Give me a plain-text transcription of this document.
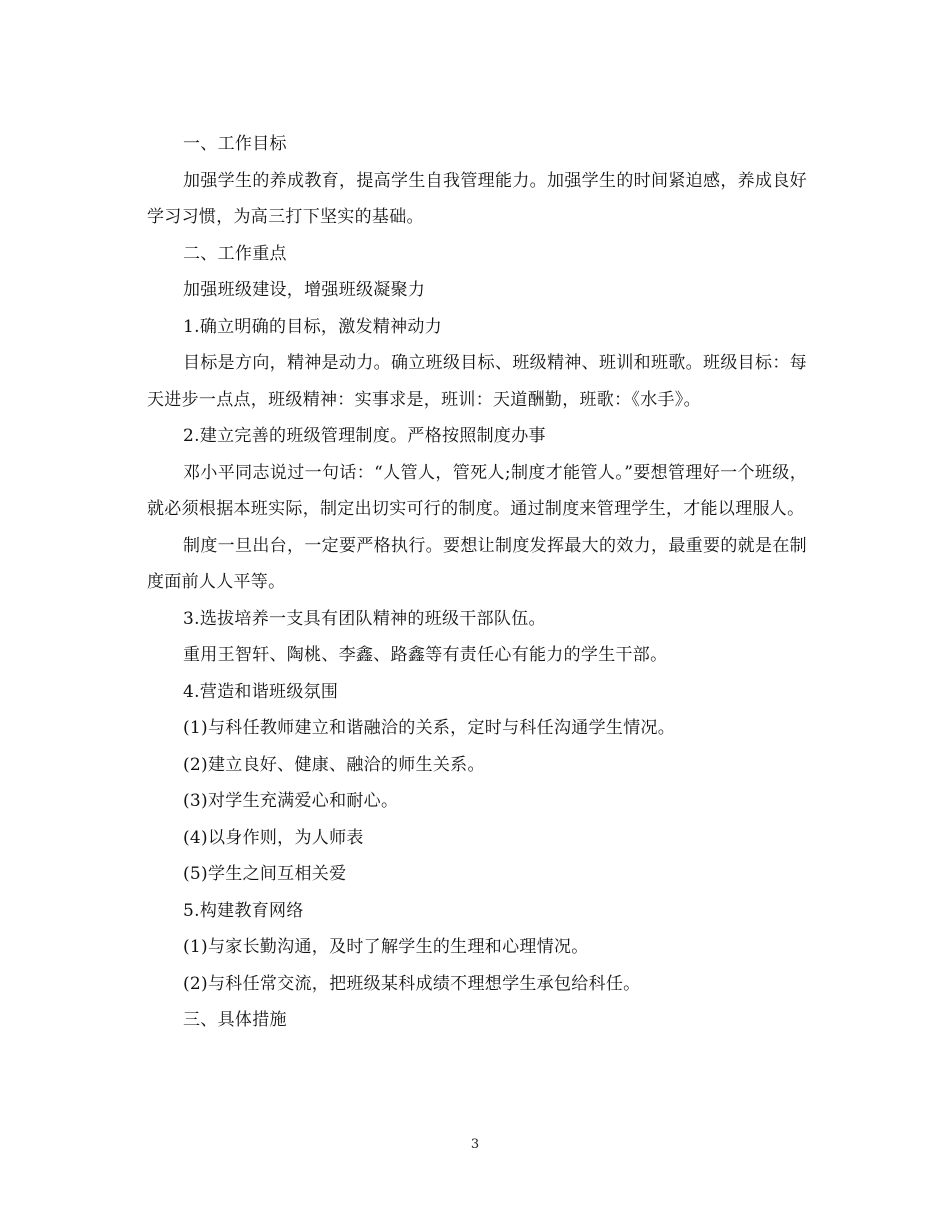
一、工作目标

加强学生的养成教育，提高学生自我管理能力。加强学生的时间紧迫感，养成良好学习习惯，为高三打下坚实的基础。

二、工作重点

加强班级建设，增强班级凝聚力

1.确立明确的目标，激发精神动力

目标是方向，精神是动力。确立班级目标、班级精神、班训和班歌。班级目标：每天进步一点点，班级精神：实事求是，班训：天道酬勤，班歌：《水手》。

2.建立完善的班级管理制度。严格按照制度办事

邓小平同志说过一句话：“人管人，管死人;制度才能管人。”要想管理好一个班级，就必须根据本班实际，制定出切实可行的制度。通过制度来管理学生，才能以理服人。

制度一旦出台，一定要严格执行。要想让制度发挥最大的效力，最重要的就是在制度面前人人平等。

3.选拔培养一支具有团队精神的班级干部队伍。

重用王智轩、陶桃、李鑫、路鑫等有责任心有能力的学生干部。

4.营造和谐班级氛围

(1)与科任教师建立和谐融洽的关系，定时与科任沟通学生情况。

(2)建立良好、健康、融洽的师生关系。

(3)对学生充满爱心和耐心。

(4)以身作则，为人师表

(5)学生之间互相关爱

5.构建教育网络

(1)与家长勤沟通，及时了解学生的生理和心理情况。

(2)与科任常交流，把班级某科成绩不理想学生承包给科任。

三、具体措施

3
